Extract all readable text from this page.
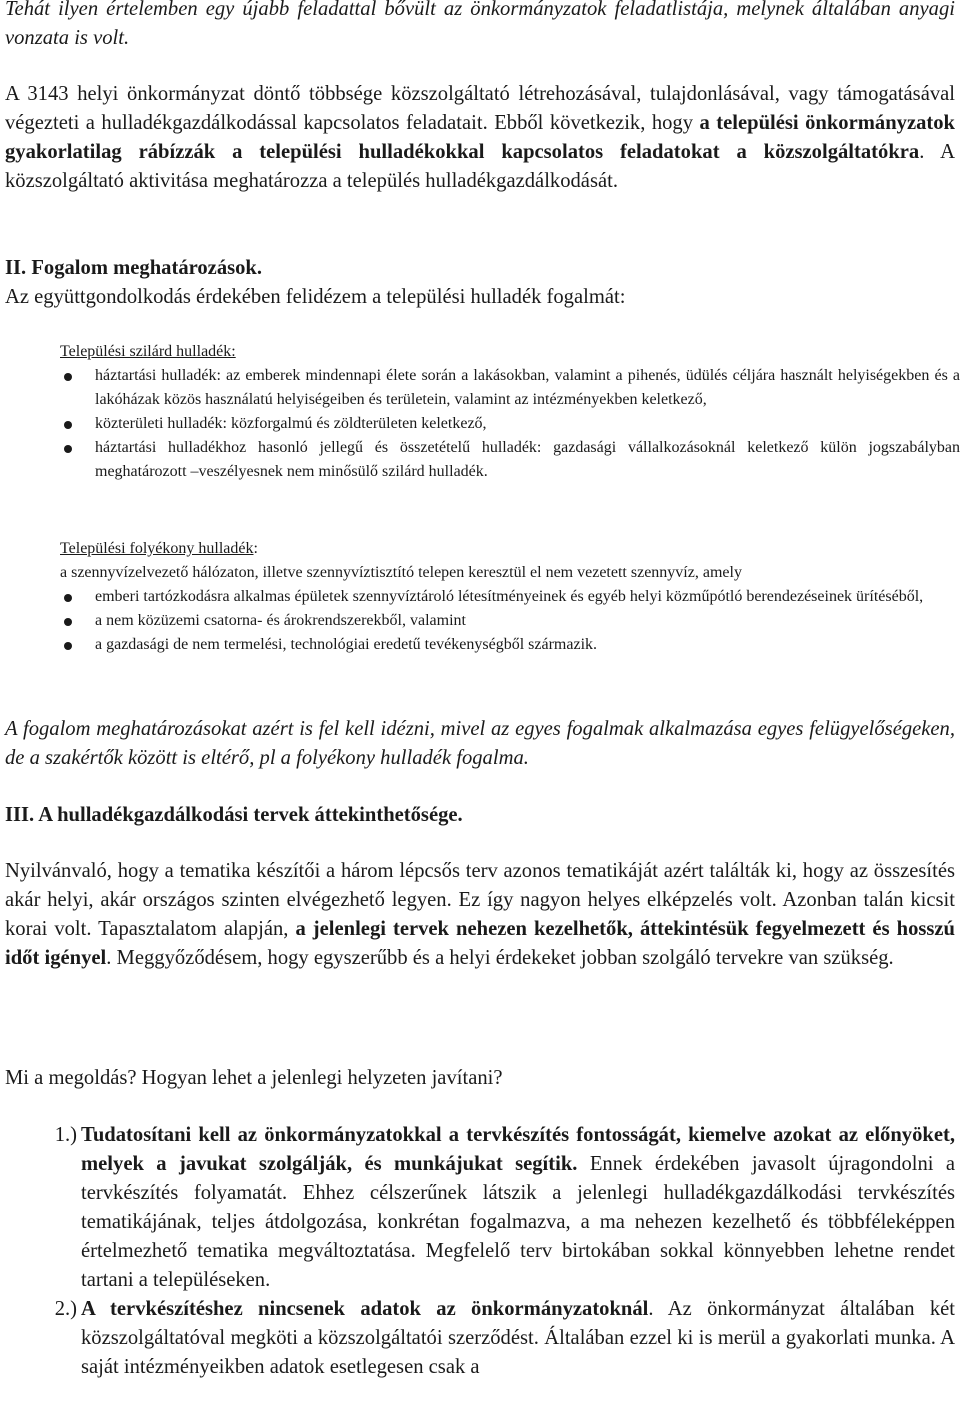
Tehát ilyen értelemben egy újabb feladattal bővült az önkormányzatok feladatlistája, melynek általában anyagi vonzata is volt.

A 3143 helyi önkormányzat döntő többsége közszolgáltató létrehozásával, tulajdonlásával, vagy támogatásával végezteti a hulladékgazdálkodással kapcsolatos feladatait. Ebből következik, hogy a települési önkormányzatok gyakorlatilag rábízzák a települési hulladékokkal kapcsolatos feladatokat a közszolgáltatókra. A közszolgáltató aktivitása meghatározza a település hulladékgazdálkodását.

II. Fogalom meghatározások.

Az együttgondolkodás érdekében felidézem a települési hulladék fogalmát:

Települési szilárd hulladék:

háztartási hulladék: az emberek mindennapi élete során a lakásokban, valamint a pihenés, üdülés céljára használt helyiségekben és a lakóházak közös használatú helyiségeiben és területein, valamint az intézményekben keletkező,
közterületi hulladék: közforgalmú és zöldterületen keletkező,
háztartási hulladékhoz hasonló jellegű és összetételű hulladék: gazdasági vállalkozásoknál keletkező külön jogszabályban meghatározott –veszélyesnek nem minősülő szilárd hulladék.

Települési folyékony hulladék:

a szennyvízelvezető hálózaton, illetve szennyvíztisztító telepen keresztül el nem vezetett szennyvíz, amely

emberi tartózkodásra alkalmas épületek szennyvíztároló létesítményeinek és egyéb helyi közműpótló berendezéseinek ürítéséből,
a nem közüzemi csatorna- és árokrendszerekből, valamint
a gazdasági de nem termelési, technológiai eredetű tevékenységből származik.

A fogalom meghatározásokat azért is fel kell idézni, mivel az egyes fogalmak alkalmazása egyes felügyelőségeken, de a szakértők között is eltérő, pl a folyékony hulladék fogalma.

III. A hulladékgazdálkodási tervek áttekinthetősége.

Nyilvánvaló, hogy a tematika készítői a három lépcsős terv azonos tematikáját azért találták ki, hogy az összesítés akár helyi, akár országos szinten elvégezhető legyen. Ez így nagyon helyes elképzelés volt. Azonban talán kicsit korai volt. Tapasztalatom alapján, a jelenlegi tervek nehezen kezelhetők, áttekintésük fegyelmezett és hosszú időt igényel. Meggyőződésem, hogy egyszerűbb és a helyi érdekeket jobban szolgáló tervekre van szükség.

Mi a megoldás? Hogyan lehet a jelenlegi helyzeten javítani?

1.) Tudatosítani kell az önkormányzatokkal a tervkészítés fontosságát, kiemelve azokat az előnyöket, melyek a javukat szolgálják, és munkájukat segítik. Ennek érdekében javasolt újragondolni a tervkészítés folyamatát. Ehhez célszerűnek látszik a jelenlegi hulladékgazdálkodási tervkészítés tematikájának, teljes átdolgozása, konkrétan fogalmazva, a ma nehezen kezelhető és többféleképpen értelmezhető tematika megváltoztatása. Megfelelő terv birtokában sokkal könnyebben lehetne rendet tartani a településeken.
2.) A tervkészítéshez nincsenek adatok az önkormányzatoknál. Az önkormányzat általában két közszolgáltatóval megköti a közszolgáltatói szerződést. Általában ezzel ki is merül a gyakorlati munka. A saját intézményeikben adatok esetlegesen csak a
